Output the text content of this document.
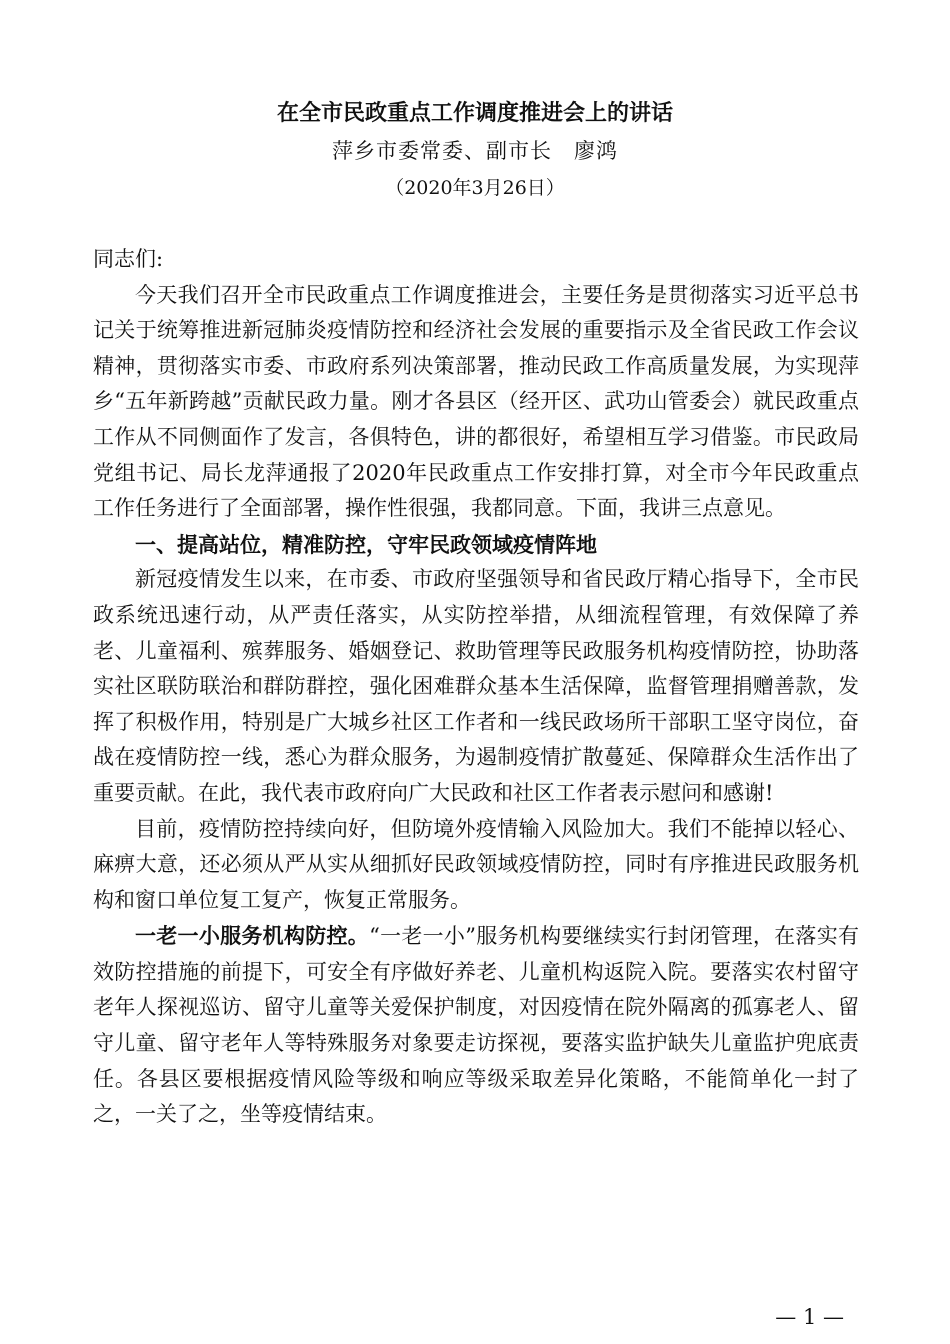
在全市民政重点工作调度推进会上的讲话
萍乡市委常委、副市长　廖鸿
（2020年3月26日）

同志们:

今天我们召开全市民政重点工作调度推进会，主要任务是贯彻落实习近平总书记关于统筹推进新冠肺炎疫情防控和经济社会发展的重要指示及全省民政工作会议精神，贯彻落实市委、市政府系列决策部署，推动民政工作高质量发展，为实现萍乡“五年新跨越”贡献民政力量。刚才各县区（经开区、武功山管委会）就民政重点工作从不同侧面作了发言，各俱特色，讲的都很好，希望相互学习借鉴。市民政局党组书记、局长龙萍通报了2020年民政重点工作安排打算，对全市今年民政重点工作任务进行了全面部署，操作性很强，我都同意。下面，我讲三点意见。

一、提高站位，精准防控，守牢民政领域疫情阵地

新冠疫情发生以来，在市委、市政府坚强领导和省民政厅精心指导下，全市民政系统迅速行动，从严责任落实，从实防控举措，从细流程管理，有效保障了养老、儿童福利、殡葬服务、婚姻登记、救助管理等民政服务机构疫情防控，协助落实社区联防联治和群防群控，强化困难群众基本生活保障，监督管理捐赠善款，发挥了积极作用，特别是广大城乡社区工作者和一线民政场所干部职工坚守岗位，奋战在疫情防控一线，悉心为群众服务，为遏制疫情扩散蔓延、保障群众生活作出了重要贡献。在此，我代表市政府向广大民政和社区工作者表示慰问和感谢!

目前，疫情防控持续向好，但防境外疫情输入风险加大。我们不能掉以轻心、麻痹大意，还必须从严从实从细抓好民政领域疫情防控，同时有序推进民政服务机构和窗口单位复工复产，恢复正常服务。

一老一小服务机构防控。“一老一小”服务机构要继续实行封闭管理，在落实有效防控措施的前提下，可安全有序做好养老、儿童机构返院入院。要落实农村留守老年人探视巡访、留守儿童等关爱保护制度，对因疫情在院外隔离的孤寡老人、留守儿童、留守老年人等特殊服务对象要走访探视，要落实监护缺失儿童监护兜底责任。各县区要根据疫情风险等级和响应等级采取差异化策略，不能简单化一封了之，一关了之，坐等疫情结束。

— 1 —
